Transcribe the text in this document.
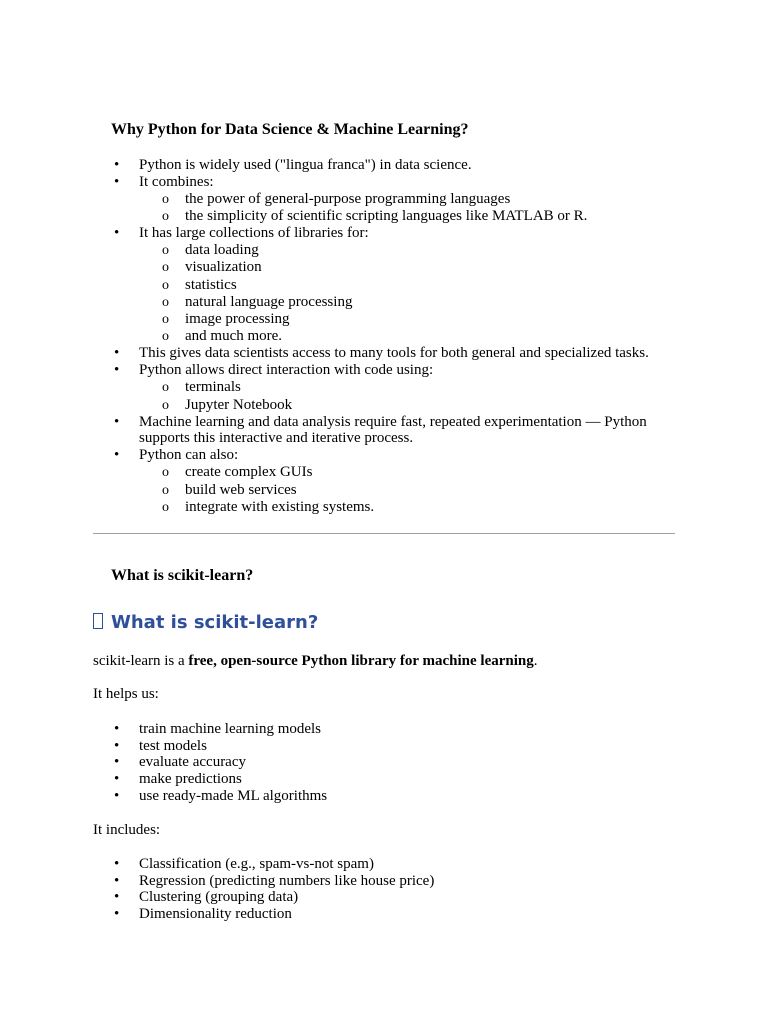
Why Python for Data Science & Machine Learning?
• Python is widely used ("lingua franca") in data science.
• It combines:
o the power of general-purpose programming languages
o the simplicity of scientific scripting languages like MATLAB or R.
• It has large collections of libraries for:
o data loading
o visualization
o statistics
o natural language processing
o image processing
o and much more.
• This gives data scientists access to many tools for both general and specialized tasks.
• Python allows direct interaction with code using:
o terminals
o Jupyter Notebook
• Machine learning and data analysis require fast, repeated experimentation — Python
supports this interactive and iterative process.
• Python can also:
o create complex GUIs
o build web services
o integrate with existing systems.
What is scikit-learn?
What is scikit-learn?

scikit-learn is a free, open-source Python library for machine learning.

It helps us:

• train machine learning models
• test models
• evaluate accuracy
• make predictions
• use ready-made ML algorithms

It includes:

• Classification (e.g., spam-vs-not spam)
• Regression (predicting numbers like house price)
• Clustering (grouping data)
• Dimensionality reduction
